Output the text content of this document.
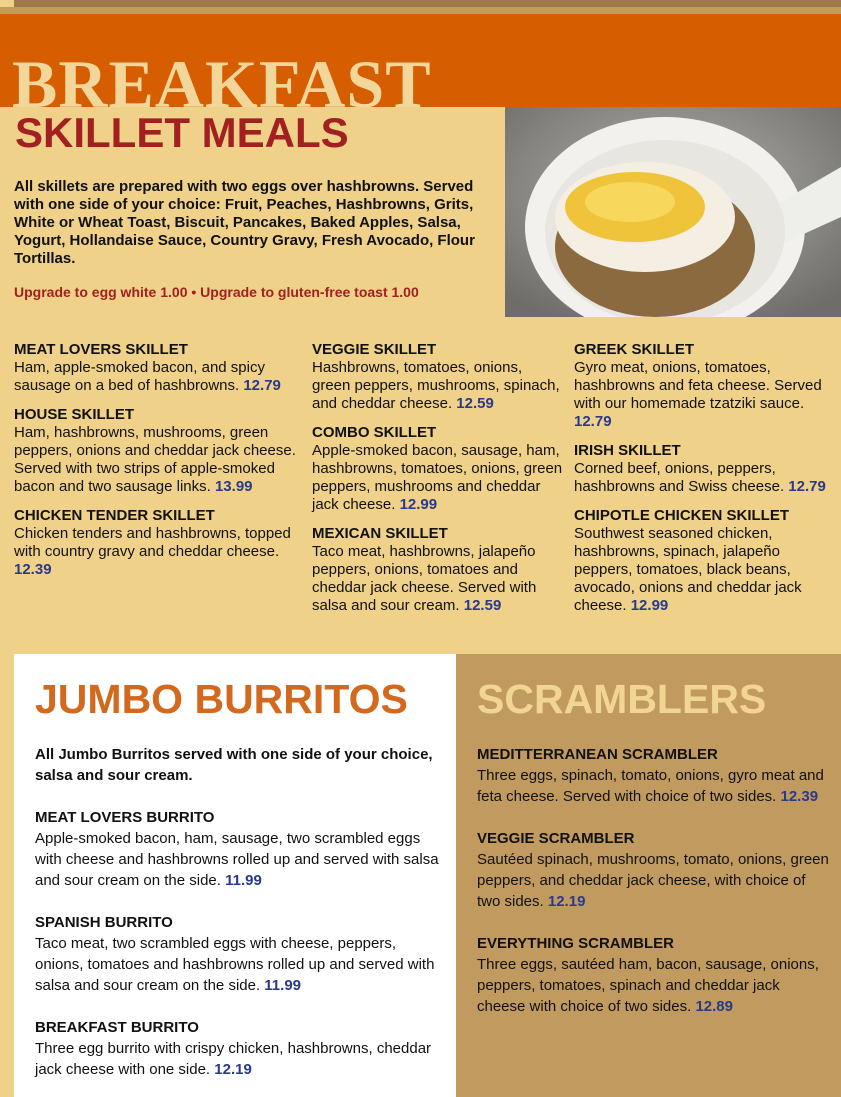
BREAKFAST
SKILLET MEALS
All skillets are prepared with two eggs over hashbrowns. Served with one side of your choice: Fruit, Peaches, Hashbrowns, Grits, White or Wheat Toast, Biscuit, Pancakes, Baked Apples, Salsa, Yogurt, Hollandaise Sauce, Country Gravy, Fresh Avocado, Flour Tortillas.
Upgrade to egg white 1.00 • Upgrade to gluten-free toast 1.00
MEAT LOVERS SKILLET
Ham, apple-smoked bacon, and spicy sausage on a bed of hashbrowns. 12.79
HOUSE SKILLET
Ham, hashbrowns, mushrooms, green peppers, onions and cheddar jack cheese. Served with two strips of apple-smoked bacon and two sausage links. 13.99
CHICKEN TENDER SKILLET
Chicken tenders and hashbrowns, topped with country gravy and cheddar cheese. 12.39
VEGGIE SKILLET
Hashbrowns, tomatoes, onions, green peppers, mushrooms, spinach, and cheddar cheese. 12.59
COMBO SKILLET
Apple-smoked bacon, sausage, ham, hashbrowns, tomatoes, onions, green peppers, mushrooms and cheddar jack cheese. 12.99
MEXICAN SKILLET
Taco meat, hashbrowns, jalapeño peppers, onions, tomatoes and cheddar jack cheese. Served with salsa and sour cream. 12.59
GREEK SKILLET
Gyro meat, onions, tomatoes, hashbrowns and feta cheese. Served with our homemade tzatziki sauce. 12.79
IRISH SKILLET
Corned beef, onions, peppers, hashbrowns and Swiss cheese. 12.79
CHIPOTLE CHICKEN SKILLET
Southwest seasoned chicken, hashbrowns, spinach, jalapeño peppers, tomatoes, black beans, avocado, onions and cheddar jack cheese. 12.99
JUMBO BURRITOS
All Jumbo Burritos served with one side of your choice, salsa and sour cream.
MEAT LOVERS BURRITO
Apple-smoked bacon, ham, sausage, two scrambled eggs with cheese and hashbrowns rolled up and served with salsa and sour cream on the side. 11.99
SPANISH BURRITO
Taco meat, two scrambled eggs with cheese, peppers, onions, tomatoes and hashbrowns rolled up and served with salsa and sour cream on the side. 11.99
BREAKFAST BURRITO
Three egg burrito with crispy chicken, hashbrowns, cheddar jack cheese with one side. 12.19
SCRAMBLERS
MEDITTERRANEAN SCRAMBLER
Three eggs, spinach, tomato, onions, gyro meat and feta cheese. Served with choice of two sides. 12.39
VEGGIE SCRAMBLER
Sautéed spinach, mushrooms, tomato, onions, green peppers, and cheddar jack cheese, with choice of two sides. 12.19
EVERYTHING SCRAMBLER
Three eggs, sautéed ham, bacon, sausage, onions, peppers, tomatoes, spinach and cheddar jack cheese with choice of two sides. 12.89
